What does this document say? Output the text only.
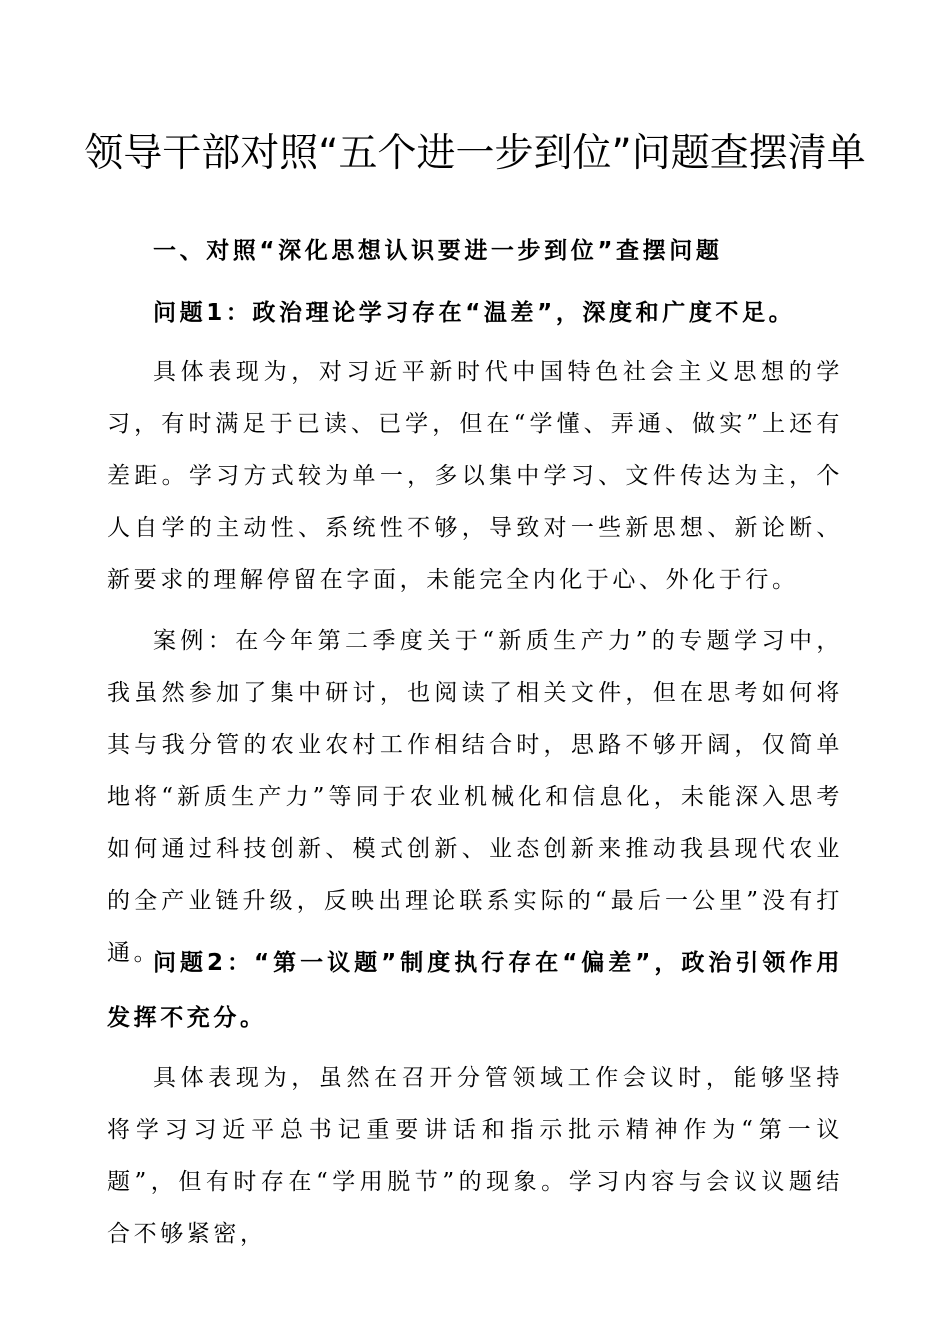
领导干部对照“五个进一步到位”问题查摆清单

一、对照“深化思想认识要进一步到位”查摆问题

问题1：政治理论学习存在“温差”，深度和广度不足。

具体表现为，对习近平新时代中国特色社会主义思想的学习，有时满足于已读、已学，但在“学懂、弄通、做实”上还有差距。学习方式较为单一，多以集中学习、文件传达为主，个人自学的主动性、系统性不够，导致对一些新思想、新论断、新要求的理解停留在字面，未能完全内化于心、外化于行。

案例：在今年第二季度关于“新质生产力”的专题学习中，我虽然参加了集中研讨，也阅读了相关文件，但在思考如何将其与我分管的农业农村工作相结合时，思路不够开阔，仅简单地将“新质生产力”等同于农业机械化和信息化，未能深入思考如何通过科技创新、模式创新、业态创新来推动我县现代农业的全产业链升级，反映出理论联系实际的“最后一公里”没有打通。

问题2：“第一议题”制度执行存在“偏差”，政治引领作用发挥不充分。

具体表现为，虽然在召开分管领域工作会议时，能够坚持将学习习近平总书记重要讲话和指示批示精神作为“第一议题”，但有时存在“学用脱节”的现象。学习内容与会议议题结合不够紧密，
